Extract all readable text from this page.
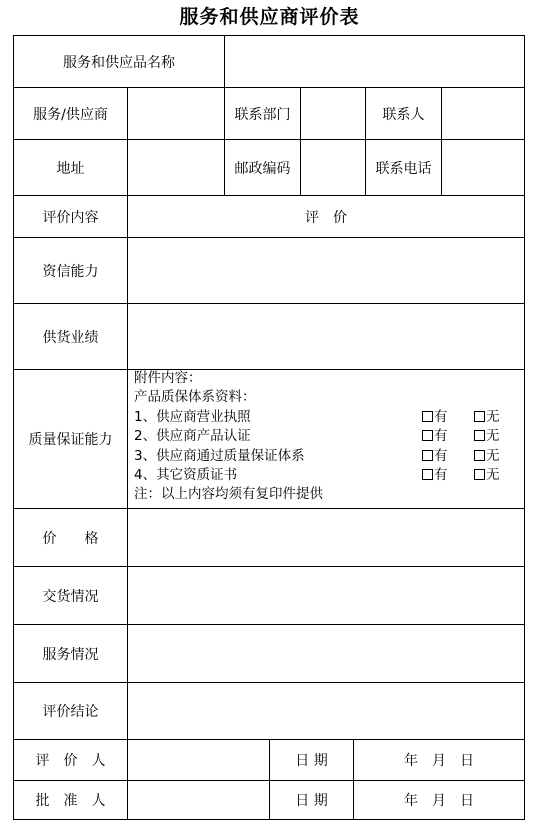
服务和供应商评价表
服务和供应品名称
服务/供应商	联系部门	联系人
地址	邮政编码	联系电话
评价内容	评　价
资信能力
供货业绩
质量保证能力
附件内容：
产品质保体系资料：
1、供应商营业执照	有	无
2、供应商产品认证	有	无
3、供应商通过质量保证体系	有	无
4、其它资质证书	有	无
注：以上内容均须有复印件提供
价　　格
交货情况
服务情况
评价结论
评　价　人	日 期	年　月　日
批　准　人	日 期	年　月　日
